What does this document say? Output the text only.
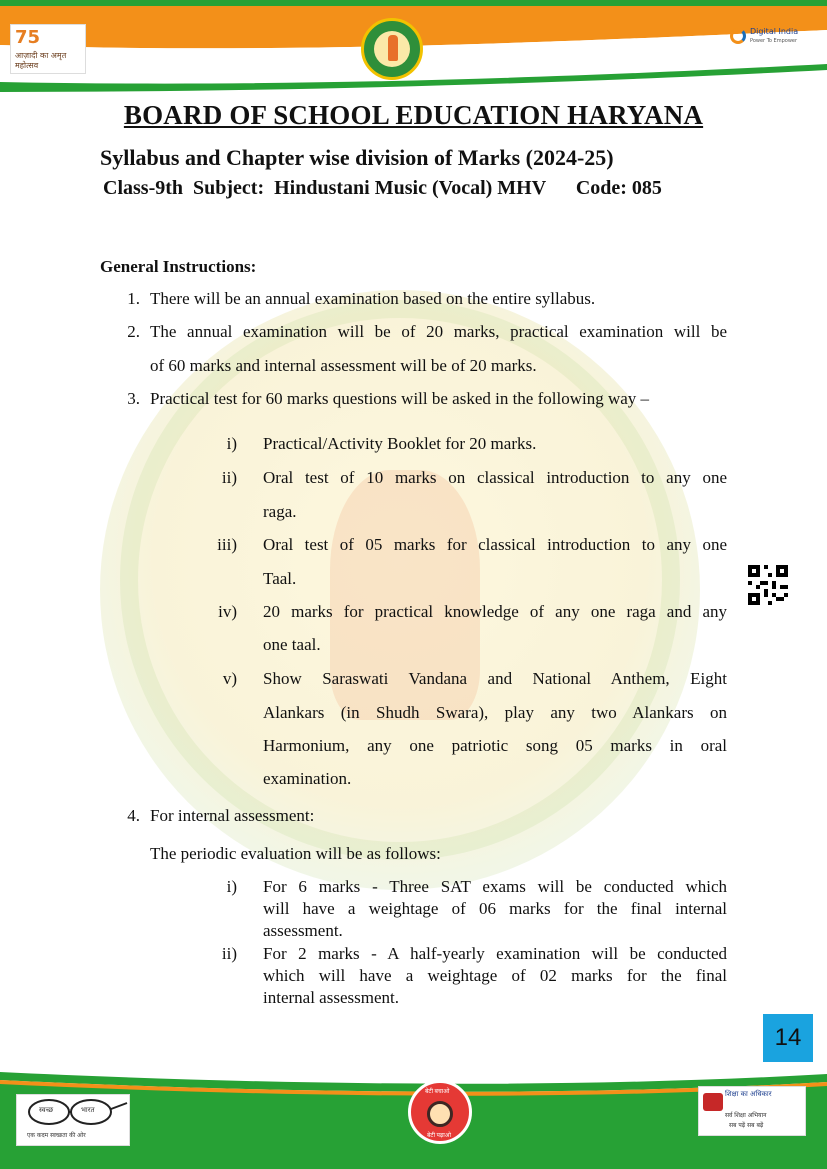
75
आज़ादी का अमृत महोत्सव
Digital India
Power To Empower
BOARD OF SCHOOL EDUCATION HARYANA
Syllabus and Chapter wise division of Marks (2024-25)
Class-9th Subject:  Hindustani Music (Vocal) MHV Code: 085
General Instructions:
1. There will be an annual examination based on the entire syllabus.
2. The annual examination will be of 20 marks, practical examination will be
of 60 marks and internal assessment will be of 20 marks.
3. Practical test for 60 marks questions will be asked in the following way –
i) Practical/Activity Booklet for 20 marks.
ii) Oral test of 10 marks on classical introduction to any one
raga.
iii) Oral test of 05 marks for classical introduction to any one
Taal.
iv) 20 marks for practical knowledge of any one raga and any
one taal.
v) Show Saraswati Vandana and National Anthem, Eight
Alankars (in Shudh Swara), play any two Alankars on
Harmonium, any one patriotic song 05 marks in oral
examination.
4. For internal assessment:
The periodic evaluation will be as follows:
i) For 6 marks - Three SAT exams will be conducted which
will have a weightage of 06 marks for the final internal
assessment.
ii) For 2 marks - A half-yearly examination will be conducted
which will have a weightage of 02 marks for the final
internal assessment.
14
स्वच्छ	भारत
एक कदम स्वच्छता की ओर
बेटी बचाओ
बेटी पढ़ाओ
शिक्षा का अधिकार
सर्व शिक्षा अभियान
सब पढ़ें सब बढ़ें
